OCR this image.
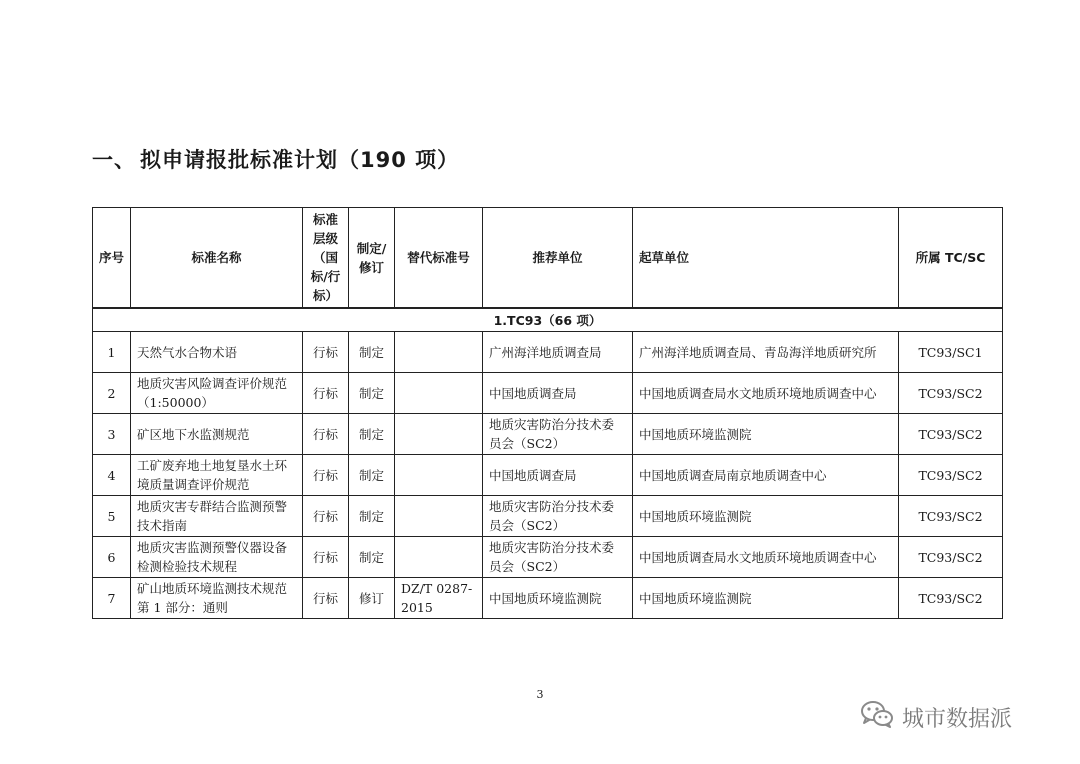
一、 拟申请报批标准计划（190 项）
序号	标准名称	标准层级（国标/行标）	制定/修订	替代标准号	推荐单位	起草单位	所属 TC/SC
1.TC93（66 项）							
1	天然气水合物术语	行标	制定		广州海洋地质调查局	广州海洋地质调查局、青岛海洋地质研究所	TC93/SC1
2	地质灾害风险调查评价规范（1:50000）	行标	制定		中国地质调查局	中国地质调查局水文地质环境地质调查中心	TC93/SC2
3	矿区地下水监测规范	行标	制定		地质灾害防治分技术委员会（SC2）	中国地质环境监测院	TC93/SC2
4	工矿废弃地土地复垦水土环境质量调查评价规范	行标	制定		中国地质调查局	中国地质调查局南京地质调查中心	TC93/SC2
5	地质灾害专群结合监测预警技术指南	行标	制定		地质灾害防治分技术委员会（SC2）	中国地质环境监测院	TC93/SC2
6	地质灾害监测预警仪器设备检测检验技术规程	行标	制定		地质灾害防治分技术委员会（SC2）	中国地质调查局水文地质环境地质调查中心	TC93/SC2
7	矿山地质环境监测技术规范第 1 部分：通则	行标	修订	DZ/T 0287-2015	中国地质环境监测院	中国地质环境监测院	TC93/SC2
3
城市数据派
